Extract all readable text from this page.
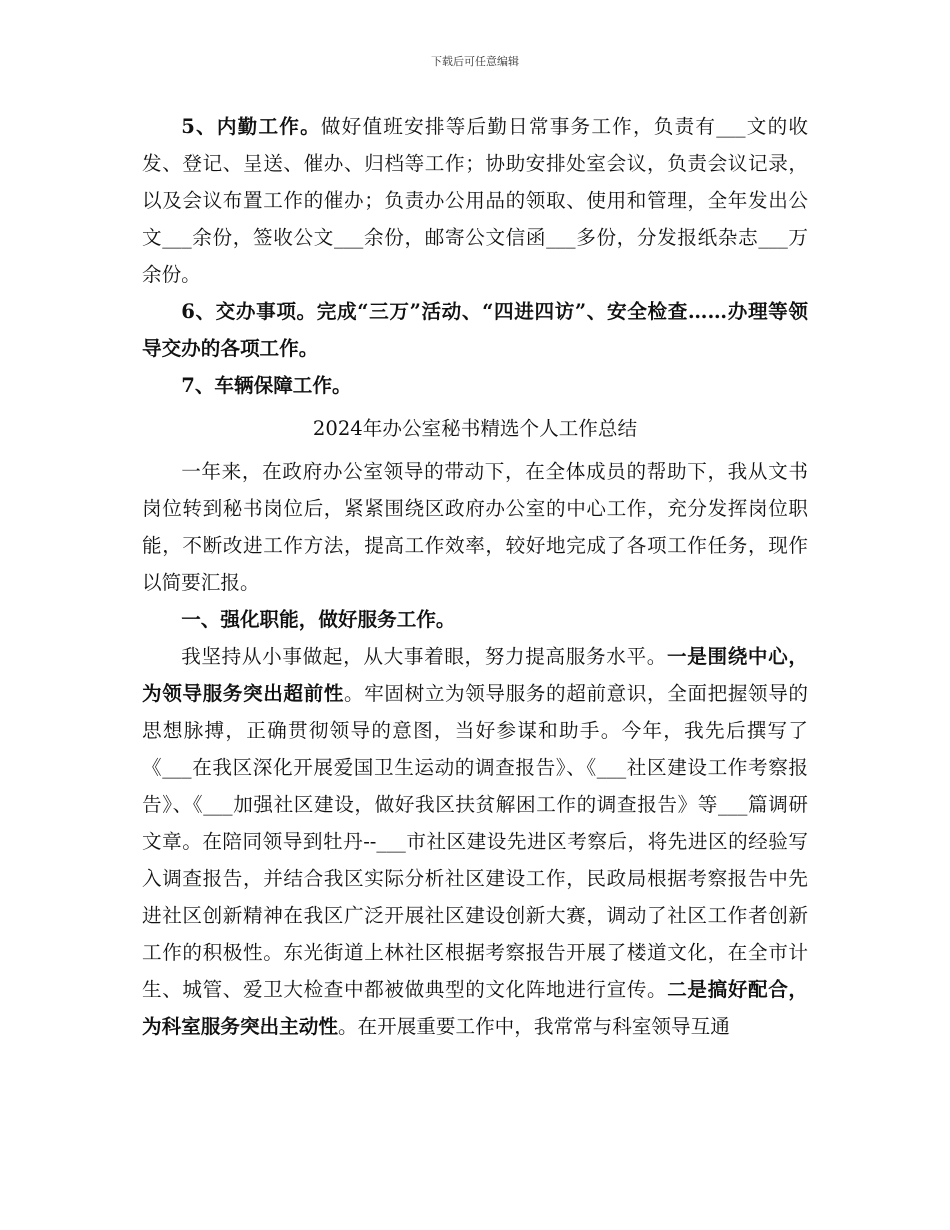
下载后可任意编辑

5、内勤工作。做好值班安排等后勤日常事务工作，负责有___文的收发、登记、呈送、催办、归档等工作；协助安排处室会议，负责会议记录，以及会议布置工作的催办；负责办公用品的领取、使用和管理，全年发出公文___余份，签收公文___余份，邮寄公文信函___多份，分发报纸杂志___万余份。

6、交办事项。完成“三万”活动、“四进四访”、安全检查……办理等领导交办的各项工作。

7、车辆保障工作。

2024年办公室秘书精选个人工作总结

一年来，在政府办公室领导的带动下，在全体成员的帮助下，我从文书岗位转到秘书岗位后，紧紧围绕区政府办公室的中心工作，充分发挥岗位职能，不断改进工作方法，提高工作效率，较好地完成了各项工作任务，现作以简要汇报。

一、强化职能，做好服务工作。

我坚持从小事做起，从大事着眼，努力提高服务水平。一是围绕中心，为领导服务突出超前性。牢固树立为领导服务的超前意识，全面把握领导的思想脉搏，正确贯彻领导的意图，当好参谋和助手。今年，我先后撰写了《___在我区深化开展爱国卫生运动的调查报告》、《___社区建设工作考察报告》、《___加强社区建设，做好我区扶贫解困工作的调查报告》等___篇调研文章。在陪同领导到牡丹--___市社区建设先进区考察后，将先进区的经验写入调查报告，并结合我区实际分析社区建设工作，民政局根据考察报告中先进社区创新精神在我区广泛开展社区建设创新大赛，调动了社区工作者创新工作的积极性。东光街道上林社区根据考察报告开展了楼道文化，在全市计生、城管、爱卫大检查中都被做典型的文化阵地进行宣传。二是搞好配合，为科室服务突出主动性。在开展重要工作中，我常常与科室领导互通
